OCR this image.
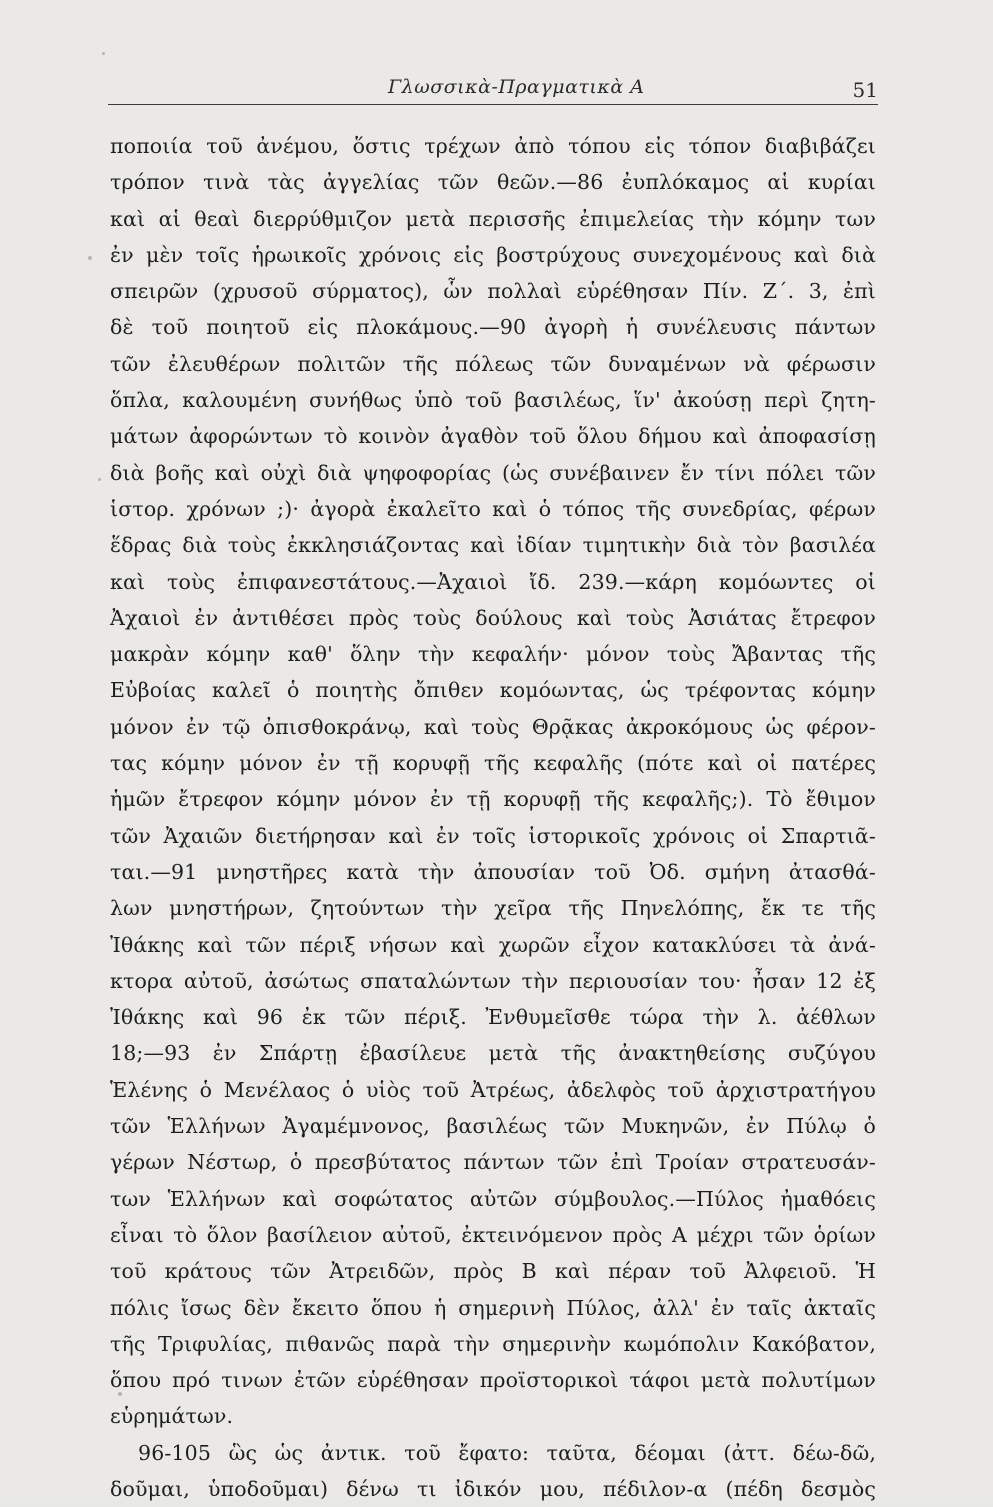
Γλωσσικὰ-Πραγματικὰ Α	51
ποποιία τοῦ ἀνέμου, ὅστις τρέχων ἀπὸ τόπου εἰς τόπον διαβιβάζει
τρόπον τινὰ τὰς ἀγγελίας τῶν θεῶν.—86 ἐυπλόκαμος αἱ κυρίαι
καὶ αἱ θεαὶ διερρύθμιζον μετὰ περισσῆς ἐπιμελείας τὴν κόμην των
ἐν μὲν τοῖς ἡρωικοῖς χρόνοις εἰς βοστρύχους συνεχομένους καὶ διὰ
σπειρῶν (χρυσοῦ σύρματος), ὧν πολλαὶ εὑρέθησαν Πίν. Ζ΄. 3, ἐπὶ
δὲ τοῦ ποιητοῦ εἰς πλοκάμους.—90 ἀγορὴ ἡ συνέλευσις πάντων
τῶν ἐλευθέρων πολιτῶν τῆς πόλεως τῶν δυναμένων νὰ φέρωσιν
ὅπλα, καλουμένη συνήθως ὑπὸ τοῦ βασιλέως, ἵν' ἀκούσῃ περὶ ζητη-
μάτων ἀφορώντων τὸ κοινὸν ἀγαθὸν τοῦ ὅλου δήμου καὶ ἀποφασίσῃ
διὰ βοῆς καὶ οὐχὶ διὰ ψηφοφορίας (ὡς συνέβαινεν ἔν τίνι πόλει τῶν
ἱστορ. χρόνων ;)· ἀγορὰ ἐκαλεῖτο καὶ ὁ τόπος τῆς συνεδρίας, φέρων
ἕδρας διὰ τοὺς ἐκκλησιάζοντας καὶ ἰδίαν τιμητικὴν διὰ τὸν βασιλέα
καὶ τοὺς ἐπιφανεστάτους.—Ἀχαιοὶ ἴδ. 239.—κάρη κομόωντες οἱ
Ἀχαιοὶ ἐν ἀντιθέσει πρὸς τοὺς δούλους καὶ τοὺς Ἀσιάτας ἔτρεφον
μακρὰν κόμην καθ' ὅλην τὴν κεφαλήν· μόνον τοὺς Ἄβαντας τῆς
Εὐβοίας καλεῖ ὁ ποιητὴς ὄπιθεν κομόωντας, ὡς τρέφοντας κόμην
μόνον ἐν τῷ ὀπισθοκράνῳ, καὶ τοὺς Θρᾷκας ἀκροκόμους ὡς φέρον-
τας κόμην μόνον ἐν τῇ κορυφῇ τῆς κεφαλῆς (πότε καὶ οἱ πατέρες
ἡμῶν ἔτρεφον κόμην μόνον ἐν τῇ κορυφῇ τῆς κεφαλῆς;). Τὸ ἔθιμον
τῶν Ἀχαιῶν διετήρησαν καὶ ἐν τοῖς ἱστορικοῖς χρόνοις οἱ Σπαρτιᾶ-
ται.—91 μνηστῆρες κατὰ τὴν ἀπουσίαν τοῦ Ὀδ. σμήνη ἀτασθά-
λων μνηστήρων, ζητούντων τὴν χεῖρα τῆς Πηνελόπης, ἔκ τε τῆς
Ἰθάκης καὶ τῶν πέριξ νήσων καὶ χωρῶν εἶχον κατακλύσει τὰ ἀνά-
κτορα αὐτοῦ, ἀσώτως σπαταλώντων τὴν περιουσίαν του· ἦσαν 12 ἐξ
Ἰθάκης καὶ 96 ἐκ τῶν πέριξ. Ἐνθυμεῖσθε τώρα τὴν λ. ἀέθλων
18;—93 ἐν Σπάρτῃ ἐβασίλευε μετὰ τῆς ἀνακτηθείσης συζύγου
Ἑλένης ὁ Μενέλαος ὁ υἱὸς τοῦ Ἀτρέως, ἀδελφὸς τοῦ ἀρχιστρατήγου
τῶν Ἑλλήνων Ἀγαμέμνονος, βασιλέως τῶν Μυκηνῶν, ἐν Πύλῳ ὁ
γέρων Νέστωρ, ὁ πρεσβύτατος πάντων τῶν ἐπὶ Τροίαν στρατευσάν-
των Ἑλλήνων καὶ σοφώτατος αὐτῶν σύμβουλος.—Πύλος ἠμαθόεις
εἶναι τὸ ὅλον βασίλειον αὐτοῦ, ἐκτεινόμενον πρὸς Α μέχρι τῶν ὁρίων
τοῦ κράτους τῶν Ἀτρειδῶν, πρὸς Β καὶ πέραν τοῦ Ἀλφειοῦ. Ἡ
πόλις ἴσως δὲν ἔκειτο ὅπου ἡ σημερινὴ Πύλος, ἀλλ' ἐν ταῖς ἀκταῖς
τῆς Τριφυλίας, πιθανῶς παρὰ τὴν σημερινὴν κωμόπολιν Κακόβατον,
ὅπου πρό τινων ἐτῶν εὑρέθησαν προϊστορικοὶ τάφοι μετὰ πολυτίμων
εὑρημάτων.
96-105 ὣς ὡς ἀντικ. τοῦ ἔφατο: ταῦτα, δέομαι (ἀττ. δέω-δῶ,
δοῦμαι, ὑποδοῦμαι) δένω τι ἰδικόν μου, πέδιλον-α (πέδη δεσμὸς
